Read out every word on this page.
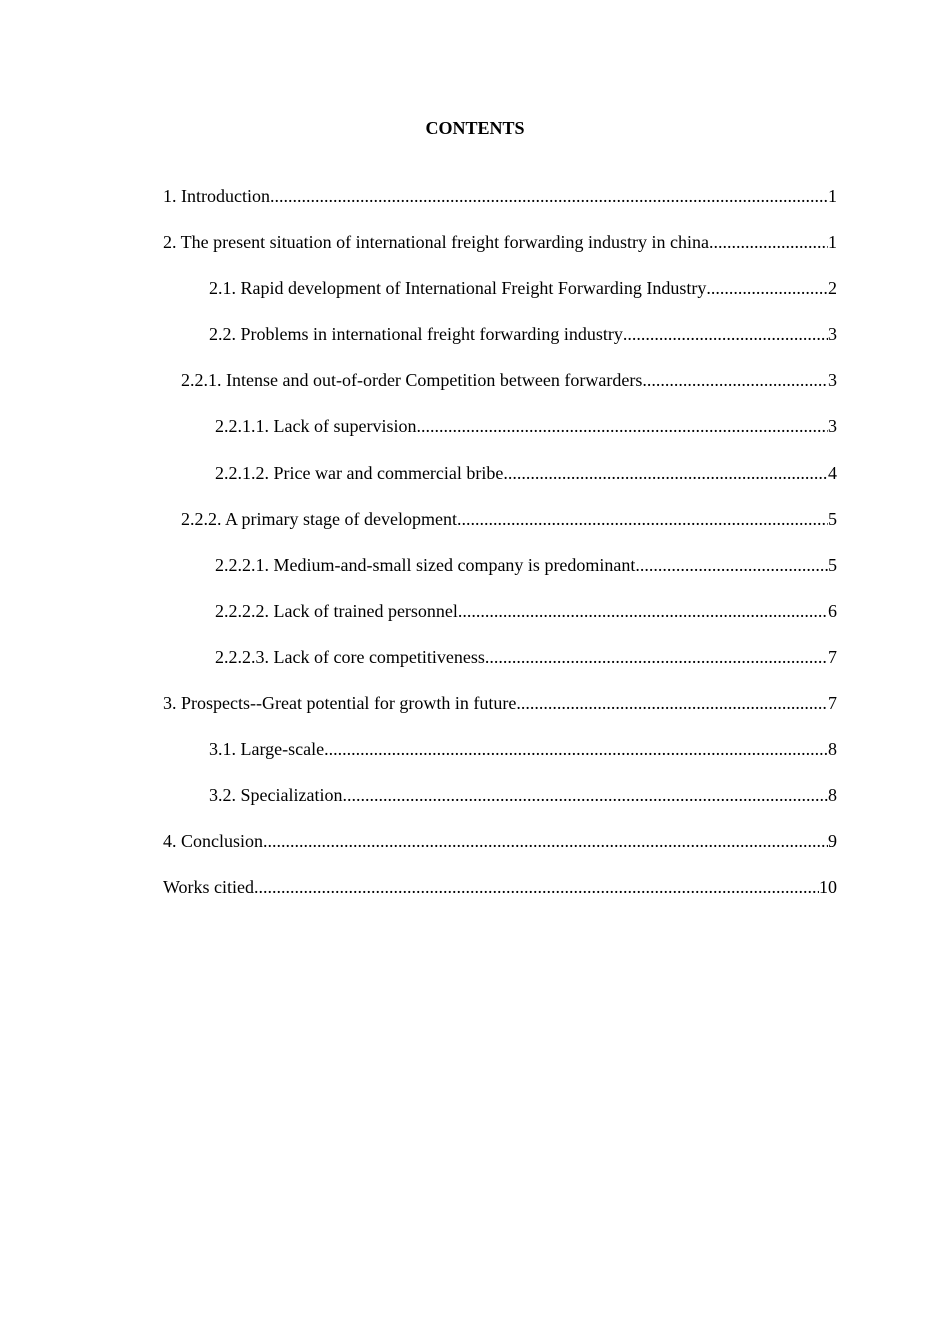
CONTENTS
1. Introduction .....	1
2. The present situation of international freight forwarding industry in china .....	1
2.1. Rapid development of International Freight Forwarding Industry .....	2
2.2. Problems in international freight forwarding industry .....	3
2.2.1. Intense and out-of-order Competition between forwarders .....	3
2.2.1.1. Lack of supervision .....	3
2.2.1.2. Price war and commercial bribe .....	4
2.2.2. A primary stage of development .....	5
2.2.2.1. Medium-and-small sized company is predominant .....	5
2.2.2.2. Lack of trained personnel .....	6
2.2.2.3. Lack of core competitiveness .....	7
3. Prospects--Great potential for growth in future .....	7
3.1. Large-scale .....	8
3.2. Specialization .....	8
4. Conclusion .....	9
Works citied .....	10
